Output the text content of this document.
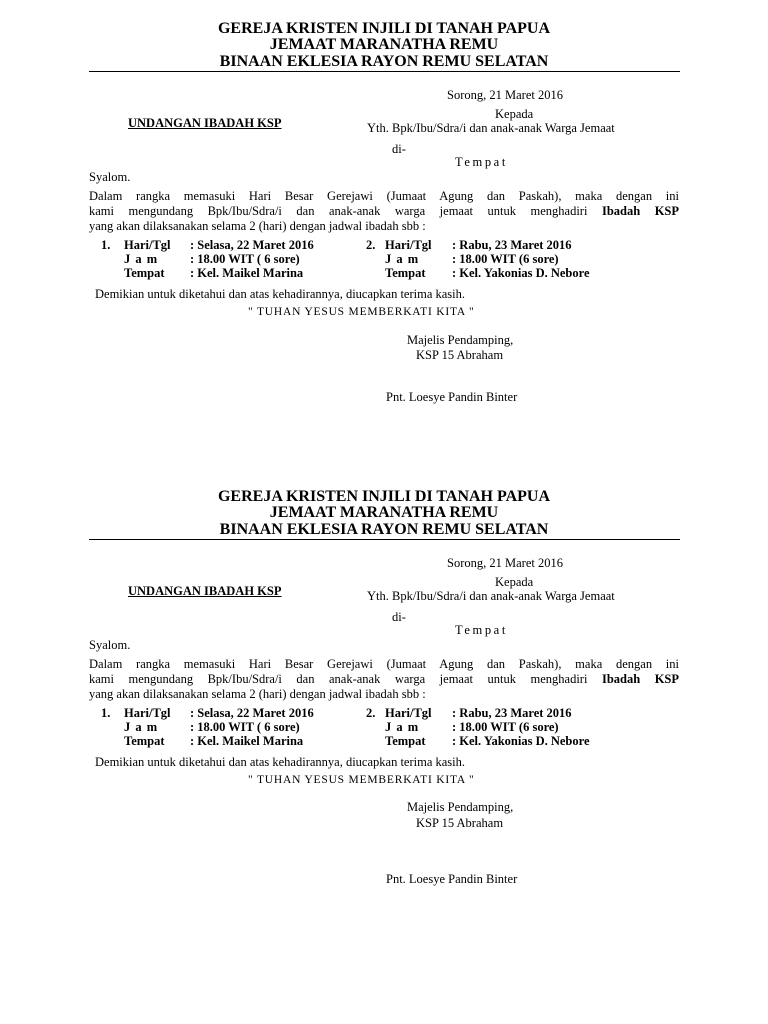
GEREJA KRISTEN INJILI DI TANAH PAPUA
JEMAAT MARANATHA REMU
BINAAN EKLESIA RAYON REMU SELATAN
Sorong, 21 Maret 2016
Kepada
UNDANGAN IBADAH KSP	Yth. Bpk/Ibu/Sdra/i dan anak-anak Warga Jemaat
di-
Tempat
Syalom.
Dalam rangka memasuki Hari Besar Gerejawi (Jumaat Agung dan Paskah), maka dengan ini
kami mengundang Bpk/Ibu/Sdra/i dan anak-anak warga jemaat untuk menghadiri Ibadah KSP
yang akan dilaksanakan selama 2 (hari) dengan jadwal ibadah sbb :
1. Hari/Tgl : Selasa, 22 Maret 2016
J a m	: 18.00 WIT ( 6 sore)
Tempat : Kel. Maikel Marina
2. Hari/Tgl : Rabu, 23 Maret 2016
J a m	: 18.00 WIT (6 sore)
Tempat : Kel. Yakonias D. Nebore
Demikian untuk diketahui dan atas kehadirannya, diucapkan terima kasih.
" TUHAN YESUS MEMBERKATI KITA "
Majelis Pendamping,
KSP 15 Abraham
Pnt. Loesye Pandin Binter
GEREJA KRISTEN INJILI DI TANAH PAPUA
JEMAAT MARANATHA REMU
BINAAN EKLESIA RAYON REMU SELATAN
Sorong, 21 Maret 2016
Kepada
UNDANGAN IBADAH KSP	Yth. Bpk/Ibu/Sdra/i dan anak-anak Warga Jemaat
di-
Tempat
Syalom.
Dalam rangka memasuki Hari Besar Gerejawi (Jumaat Agung dan Paskah), maka dengan ini
kami mengundang Bpk/Ibu/Sdra/i dan anak-anak warga jemaat untuk menghadiri Ibadah KSP
yang akan dilaksanakan selama 2 (hari) dengan jadwal ibadah sbb :
1. Hari/Tgl : Selasa, 22 Maret 2016
J a m	: 18.00 WIT ( 6 sore)
Tempat : Kel. Maikel Marina
2. Hari/Tgl : Rabu, 23 Maret 2016
J a m	: 18.00 WIT (6 sore)
Tempat : Kel. Yakonias D. Nebore
Demikian untuk diketahui dan atas kehadirannya, diucapkan terima kasih.
" TUHAN YESUS MEMBERKATI KITA "
Majelis Pendamping,
KSP 15 Abraham
Pnt. Loesye Pandin Binter
